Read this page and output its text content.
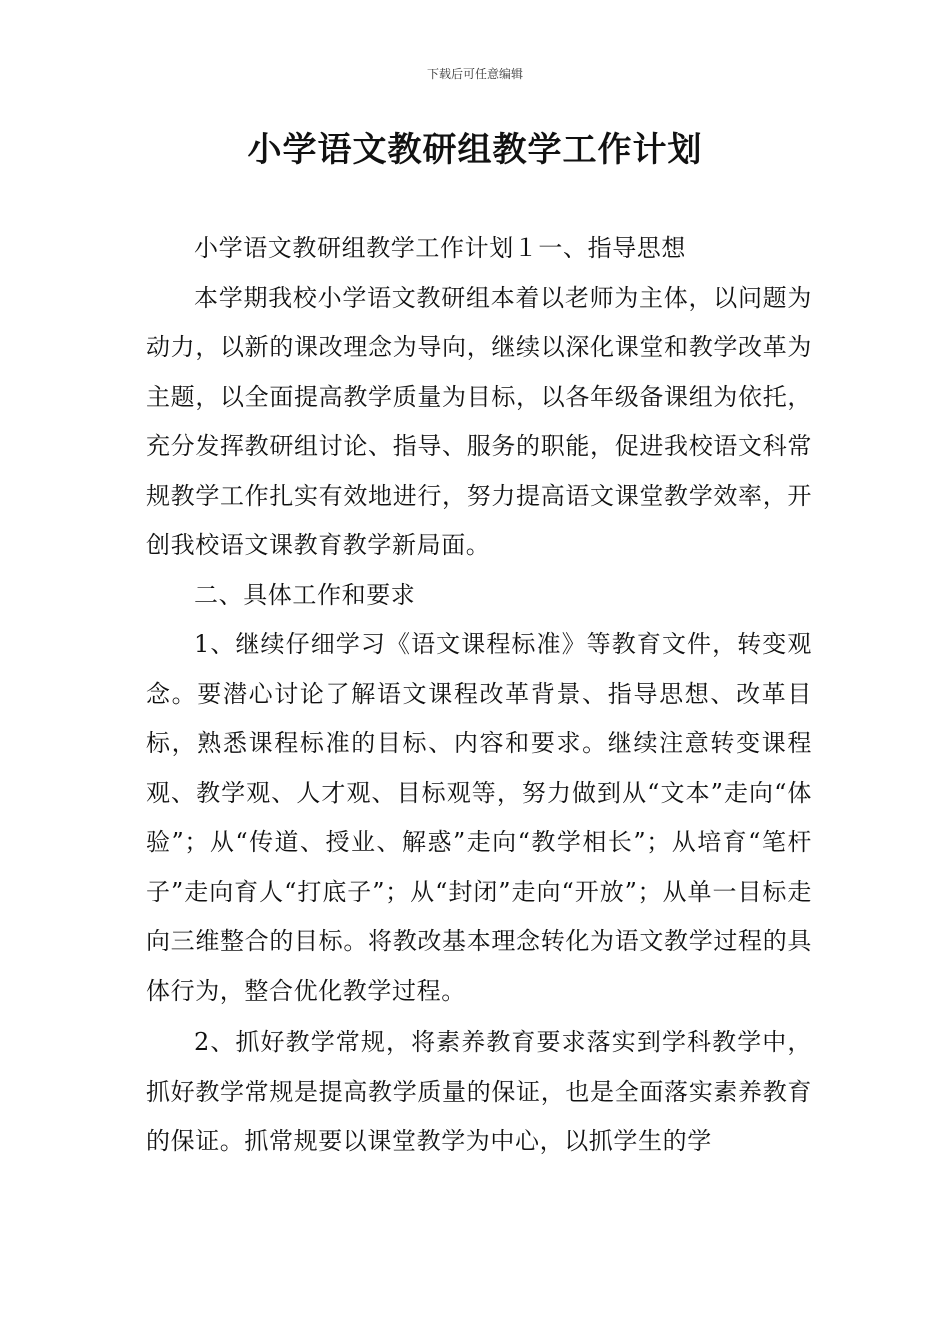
下载后可任意编辑
小学语文教研组教学工作计划

小学语文教研组教学工作计划１一、指导思想

本学期我校小学语文教研组本着以老师为主体，以问题为动力，以新的课改理念为导向，继续以深化课堂和教学改革为主题，以全面提高教学质量为目标，以各年级备课组为依托，充分发挥教研组讨论、指导、服务的职能，促进我校语文科常规教学工作扎实有效地进行，努力提高语文课堂教学效率，开创我校语文课教育教学新局面。

二、具体工作和要求

1、继续仔细学习《语文课程标准》等教育文件，转变观念。要潜心讨论了解语文课程改革背景、指导思想、改革目标，熟悉课程标准的目标、内容和要求。继续注意转变课程观、教学观、人才观、目标观等，努力做到从“文本”走向“体验”；从“传道、授业、解惑”走向“教学相长”；从培育“笔杆子”走向育人“打底子”；从“封闭”走向“开放”；从单一目标走向三维整合的目标。将教改基本理念转化为语文教学过程的具体行为，整合优化教学过程。

2、抓好教学常规，将素养教育要求落实到学科教学中，抓好教学常规是提高教学质量的保证，也是全面落实素养教育的保证。抓常规要以课堂教学为中心，以抓学生的学
